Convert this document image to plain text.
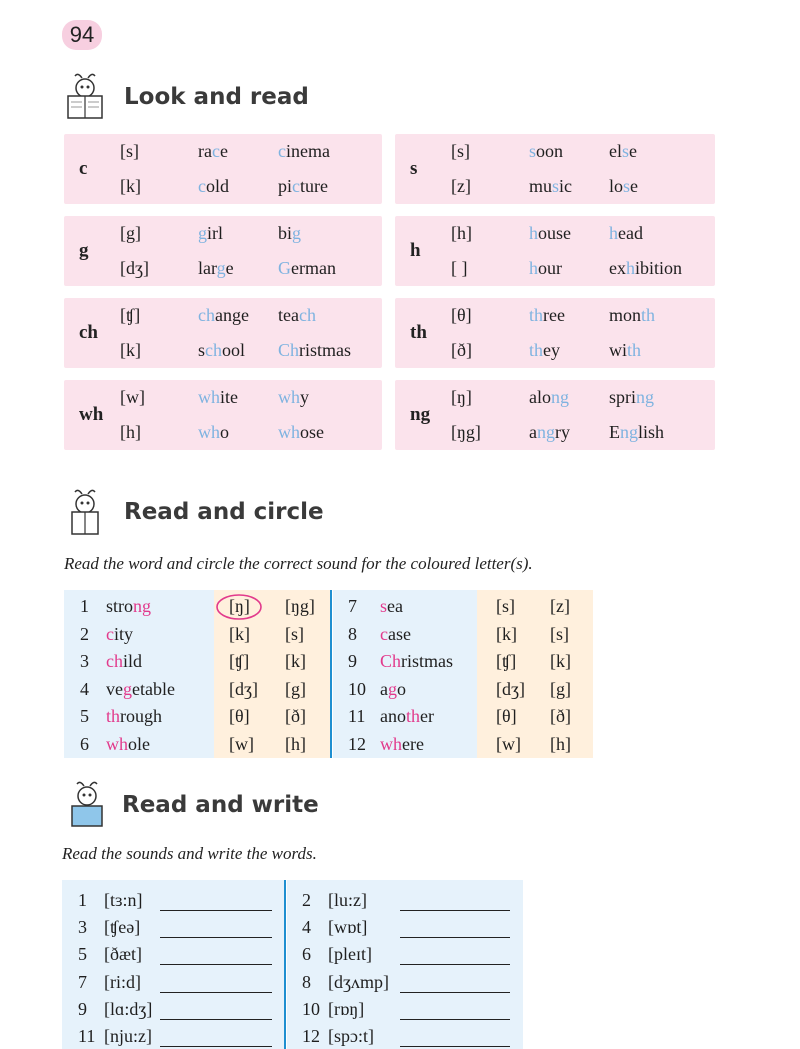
94
Look and read
c
[s]	race	cinema
[k]	cold	picture
s
[s]	soon	else
[z]	music lose
g
[g]	girl	big
[dʒ]	large German
h
[h]	house head
[ ]	hour	exhibition
ch
[ʧ]	change teach
[k]	school Christmas
th
[θ]	three month
[ð]	they	with
wh
[w]	white why
[h]	who	whose
ng
[ŋ]	along spring
[ŋg]	angry English
Read and circle
Read the word and circle the correct sound for the coloured letter(s).
1 strong	[ŋ] [ŋg]
2 city	[k] [s]
3 child	[ʧ] [k]
4 vegetable	[dʒ] [g]
5 through	[θ] [ð]
6 whole	[w] [h]
7 sea	[s] [z]
8 case	[k] [s]
9 Christmas [ʧ] [k]
10 ago	[dʒ] [g]
11 another	[θ] [ð]
12 where	[w] [h]
Read and write
Read the sounds and write the words.
1 [tɜ:n]	2 [lu:z]
3 [ʧeə]	4 [wɒt]
5 [ðæt]	6 [pleɪt]
7 [ri:d]	8 [dʒʌmp]
9 [lɑ:dʒ]	10 [rɒŋ]
11 [nju:z]	12 [spɔ:t]
